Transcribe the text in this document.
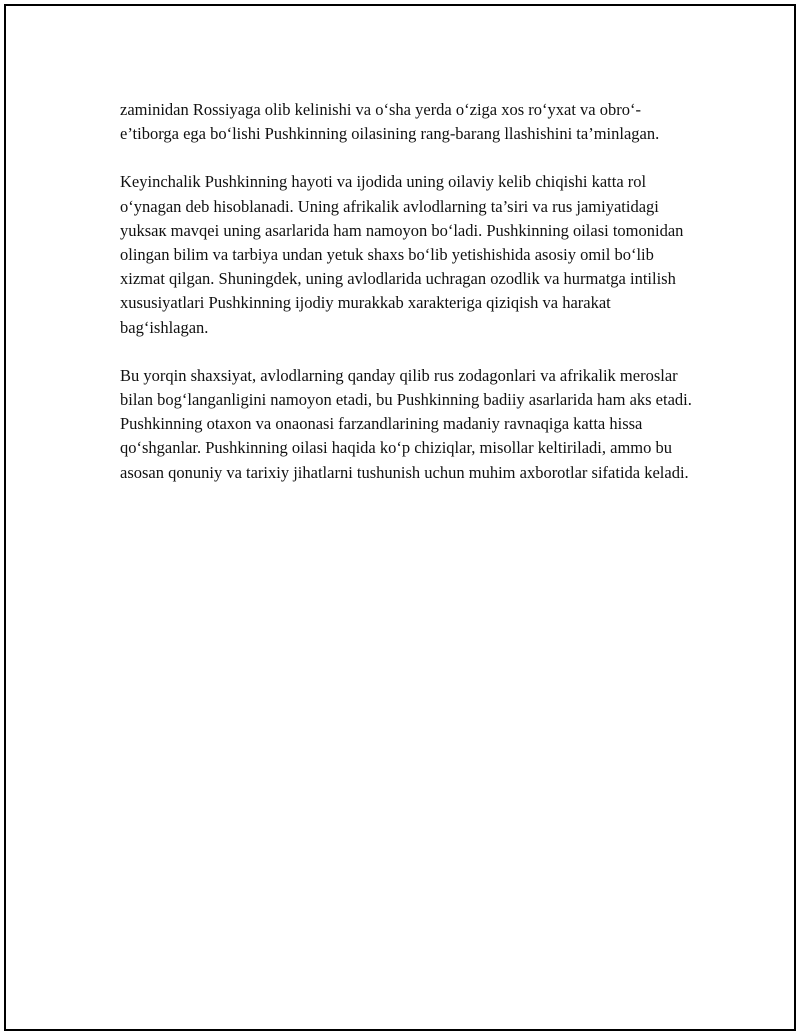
zaminidan Rossiyaga olib kelinishi va o‘sha yerda o‘ziga xos ro‘yxat va obro‘-e’tiborga ega bo‘lishi Pushkinning oilasining rang-barang llashishini ta’minlagan.

Keyinchalik Pushkinning hayoti va ijodida uning oilaviy kelib chiqishi katta rol o‘ynagan deb hisoblanadi. Uning afrikalik avlodlarning ta’siri va rus jamiyatidagi yuksак mavqei uning asarlarida ham namoyon bo‘ladi. Pushkinning oilasi tomonidan olingan bilim va tarbiya undan yetuk shaxs bo‘lib yetishishida asosiy omil bo‘lib xizmat qilgan. Shuningdek, uning avlodlarida uchragan ozodlik va hurmatga intilish xususiyatlari Pushkinning ijodiy murakkab xarakteriga qiziqish va harakat bag‘ishlagan.

Bu yorqin shaxsiyat, avlodlarning qanday qilib rus zodagonlari va afrikalik meroslar bilan bog‘langanligini namoyon etadi, bu Pushkinning badiiy asarlarida ham aks etadi. Pushkinning otaxon va onaonasi farzandlarining madaniy ravnaqiga katta hissa qo‘shganlar. Pushkinning oilasi haqida ko‘p chiziqlar, misollar keltiriladi, ammo bu asosan qonuniy va tarixiy jihatlarni tushunish uchun muhim axborotlar sifatida keladi.
